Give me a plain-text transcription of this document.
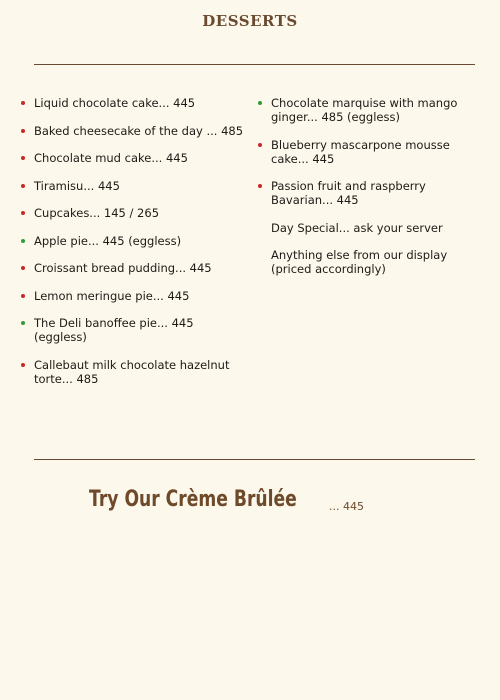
DESSERTS
Liquid chocolate cake... 445
Baked cheesecake of the day ... 485
Chocolate mud cake... 445
Tiramisu... 445
Cupcakes... 145 / 265
Apple pie... 445 (eggless)
Croissant bread pudding... 445
Lemon meringue pie... 445
The Deli banoffee pie... 445 (eggless)
Callebaut milk chocolate hazelnut torte... 485
Chocolate marquise with mango ginger... 485 (eggless)
Blueberry mascarpone mousse cake... 445
Passion fruit and raspberry Bavarian... 445
Day Special... ask your server
Anything else from our display (priced accordingly)
Try Our Crème Brûlée	... 445
